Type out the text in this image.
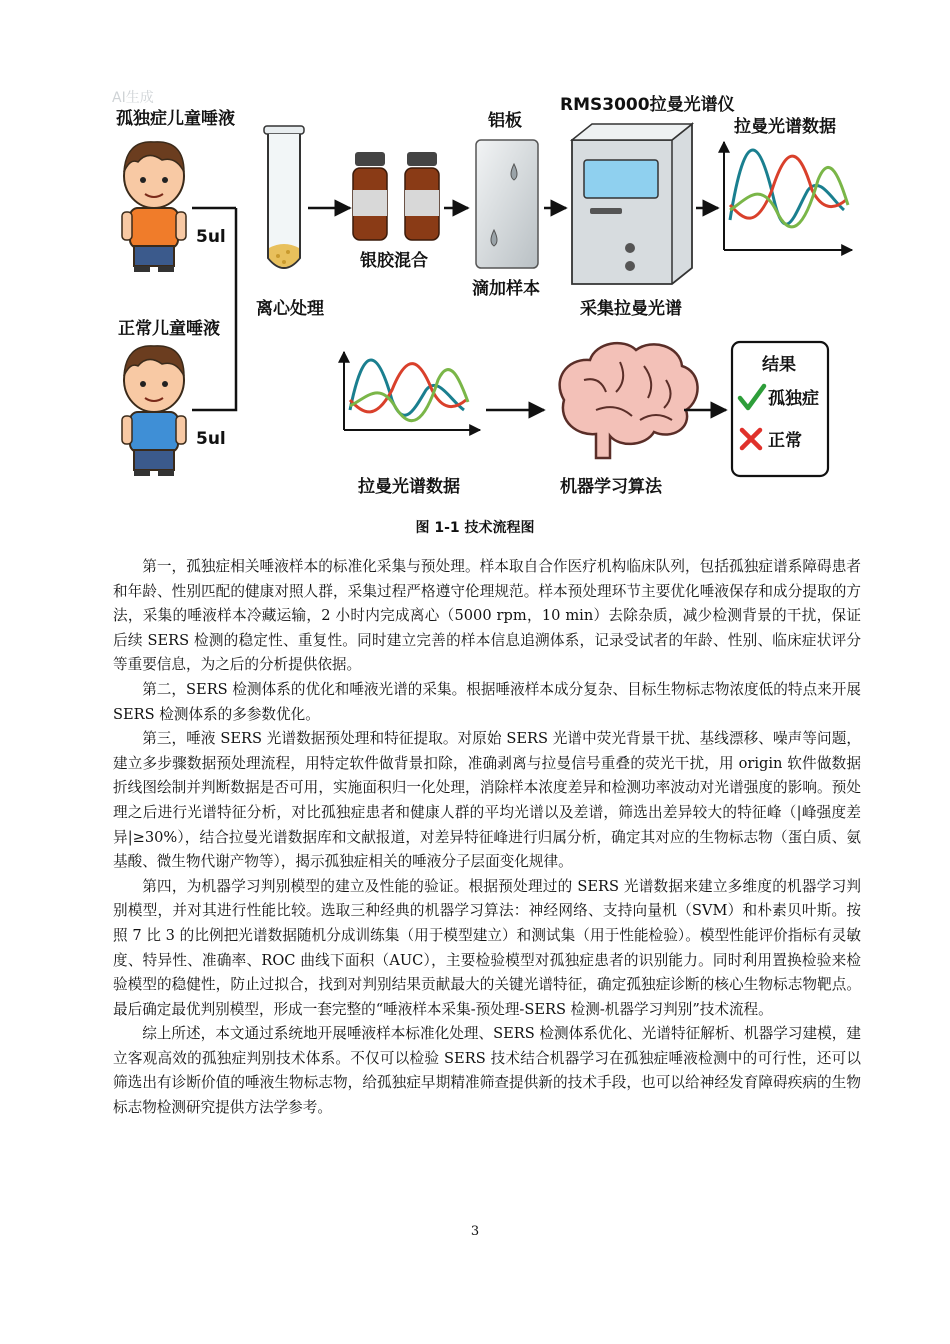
AI生成
孤独症儿童唾液
5ul
正常儿童唾液
5ul
离心处理
银胶混合
铝板
滴加样本
RMS3000拉曼光谱仪
采集拉曼光谱
拉曼光谱数据
拉曼光谱数据	机器学习算法
结果
孤独症
正常
图 1-1 技术流程图

第一，孤独症相关唾液样本的标准化采集与预处理。样本取自合作医疗机构临床队列，包括孤独症谱系障碍患者和年龄、性别匹配的健康对照人群，采集过程严格遵守伦理规范。样本预处理环节主要优化唾液保存和成分提取的方法，采集的唾液样本冷藏运输，2 小时内完成离心（5000 rpm，10 min）去除杂质，减少检测背景的干扰，保证后续 SERS 检测的稳定性、重复性。同时建立完善的样本信息追溯体系，记录受试者的年龄、性别、临床症状评分等重要信息，为之后的分析提供依据。

第二，SERS 检测体系的优化和唾液光谱的采集。根据唾液样本成分复杂、目标生物标志物浓度低的特点来开展 SERS 检测体系的多参数优化。

第三，唾液 SERS 光谱数据预处理和特征提取。对原始 SERS 光谱中荧光背景干扰、基线漂移、噪声等问题，建立多步骤数据预处理流程，用特定软件做背景扣除，准确剥离与拉曼信号重叠的荧光干扰，用 origin 软件做数据折线图绘制并判断数据是否可用，实施面积归一化处理，消除样本浓度差异和检测功率波动对光谱强度的影响。预处理之后进行光谱特征分析，对比孤独症患者和健康人群的平均光谱以及差谱，筛选出差异较大的特征峰（|峰强度差异|≥30%），结合拉曼光谱数据库和文献报道，对差异特征峰进行归属分析，确定其对应的生物标志物（蛋白质、氨基酸、微生物代谢产物等），揭示孤独症相关的唾液分子层面变化规律。

第四，为机器学习判别模型的建立及性能的验证。根据预处理过的 SERS 光谱数据来建立多维度的机器学习判别模型，并对其进行性能比较。选取三种经典的机器学习算法：神经网络、支持向量机（SVM）和朴素贝叶斯。按照 7 比 3 的比例把光谱数据随机分成训练集（用于模型建立）和测试集（用于性能检验）。模型性能评价指标有灵敏度、特异性、准确率、ROC 曲线下面积（AUC），主要检验模型对孤独症患者的识别能力。同时利用置换检验来检验模型的稳健性，防止过拟合，找到对判别结果贡献最大的关键光谱特征，确定孤独症诊断的核心生物标志物靶点。最后确定最优判别模型，形成一套完整的“唾液样本采集-预处理-SERS 检测-机器学习判别”技术流程。

综上所述，本文通过系统地开展唾液样本标准化处理、SERS 检测体系优化、光谱特征解析、机器学习建模，建立客观高效的孤独症判别技术体系。不仅可以检验 SERS 技术结合机器学习在孤独症唾液检测中的可行性，还可以筛选出有诊断价值的唾液生物标志物，给孤独症早期精准筛查提供新的技术手段，也可以给神经发育障碍疾病的生物标志物检测研究提供方法学参考。

3
